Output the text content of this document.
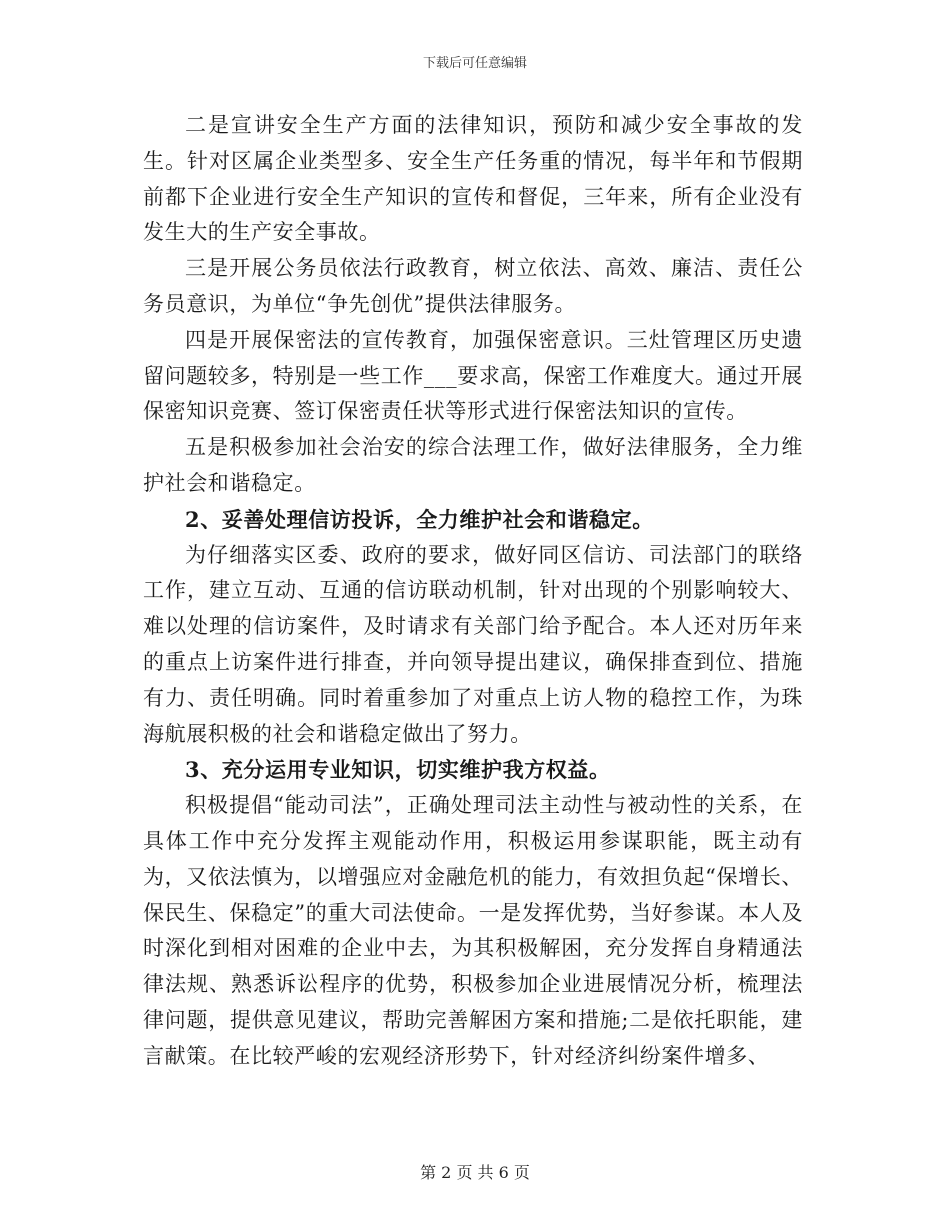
下载后可任意编辑

二是宣讲安全生产方面的法律知识，预防和减少安全事故的发生。针对区属企业类型多、安全生产任务重的情况，每半年和节假期前都下企业进行安全生产知识的宣传和督促，三年来，所有企业没有发生大的生产安全事故。

三是开展公务员依法行政教育，树立依法、高效、廉洁、责任公务员意识，为单位“争先创优”提供法律服务。

四是开展保密法的宣传教育，加强保密意识。三灶管理区历史遗留问题较多，特别是一些工作___要求高，保密工作难度大。通过开展保密知识竞赛、签订保密责任状等形式进行保密法知识的宣传。

五是积极参加社会治安的综合法理工作，做好法律服务，全力维护社会和谐稳定。

2、妥善处理信访投诉，全力维护社会和谐稳定。

为仔细落实区委、政府的要求，做好同区信访、司法部门的联络工作，建立互动、互通的信访联动机制，针对出现的个别影响较大、难以处理的信访案件，及时请求有关部门给予配合。本人还对历年来的重点上访案件进行排查，并向领导提出建议，确保排查到位、措施有力、责任明确。同时着重参加了对重点上访人物的稳控工作，为珠海航展积极的社会和谐稳定做出了努力。

3、充分运用专业知识，切实维护我方权益。

积极提倡“能动司法”，正确处理司法主动性与被动性的关系，在具体工作中充分发挥主观能动作用，积极运用参谋职能，既主动有为，又依法慎为，以增强应对金融危机的能力，有效担负起“保增长、保民生、保稳定”的重大司法使命。一是发挥优势，当好参谋。本人及时深化到相对困难的企业中去，为其积极解困，充分发挥自身精通法律法规、熟悉诉讼程序的优势，积极参加企业进展情况分析，梳理法律问题，提供意见建议，帮助完善解困方案和措施;二是依托职能，建言献策。在比较严峻的宏观经济形势下，针对经济纠纷案件增多、

第 2 页 共 6 页
